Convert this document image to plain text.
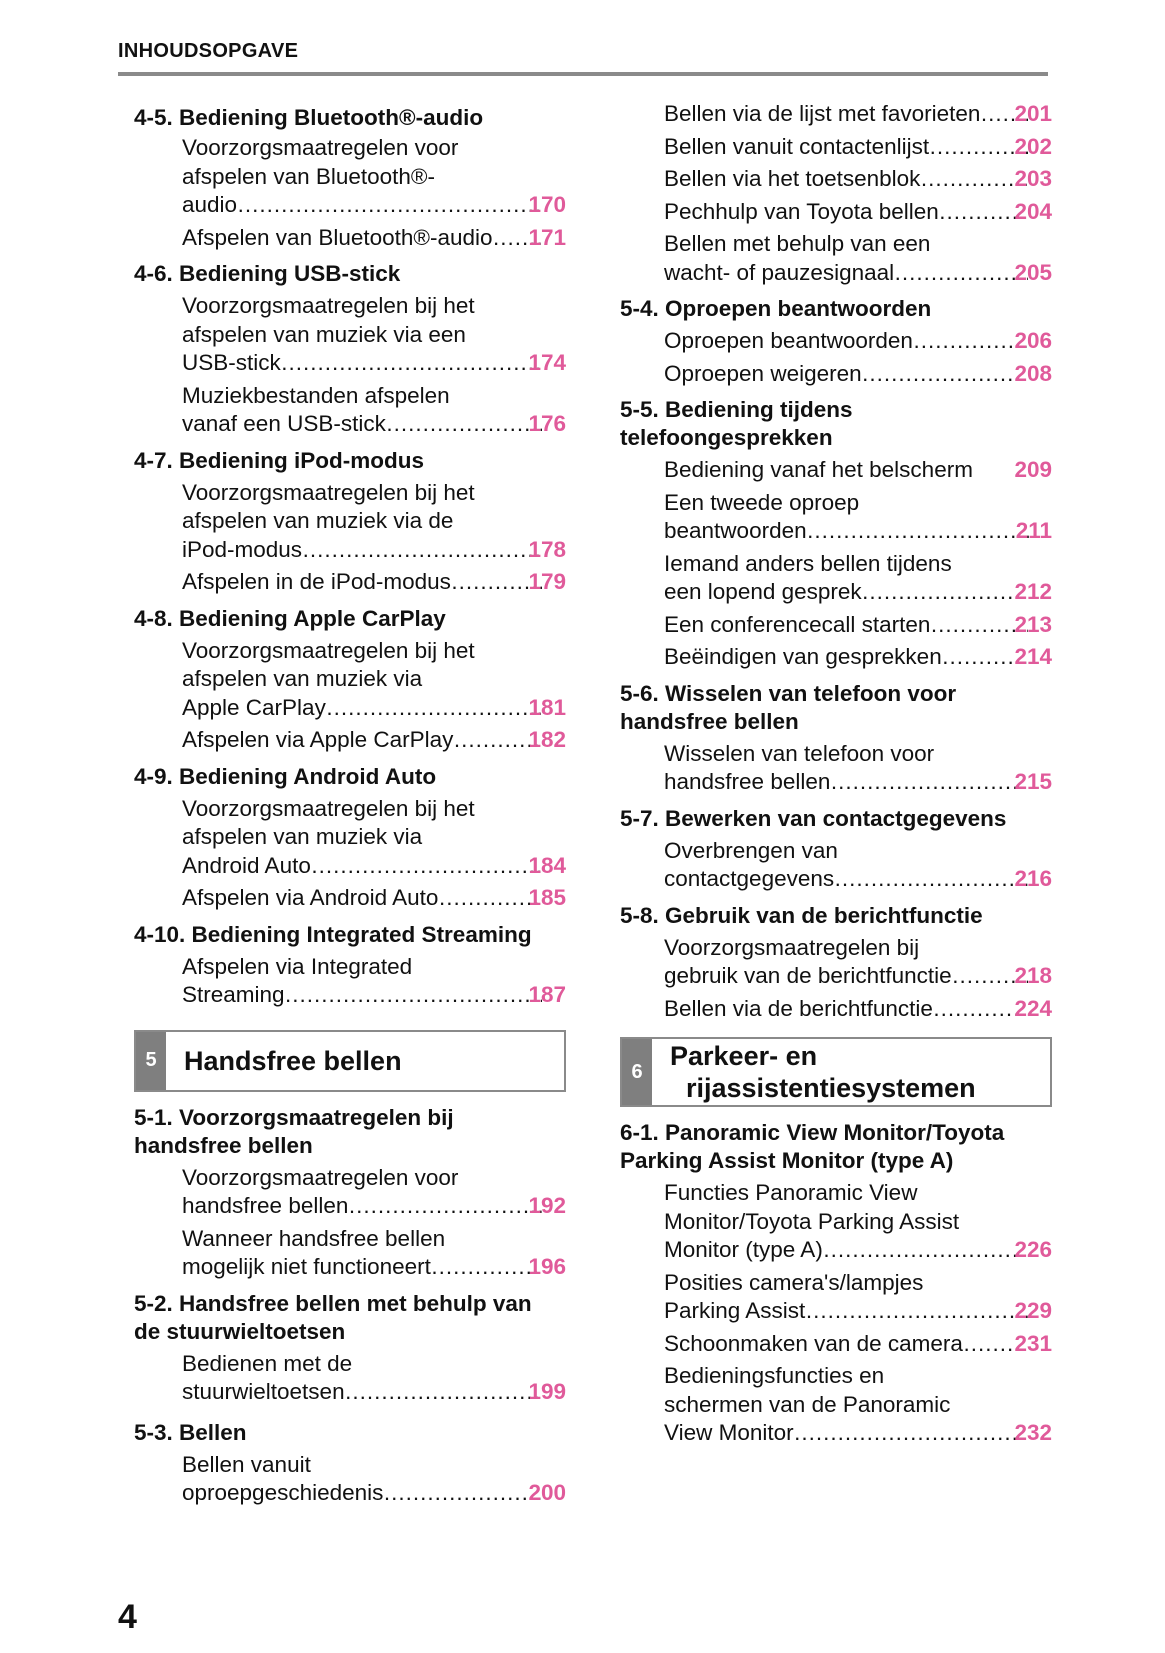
INHOUDSOPGAVE
4-5. Bediening Bluetooth®-audio
Voorzorgsmaatregelen voor
afspelen van Bluetooth®-
audio .....	170
Afspelen van Bluetooth®-audio ..... 171
4-6. Bediening USB-stick
Voorzorgsmaatregelen bij het
afspelen van muziek via een
USB-stick .....	174
Muziekbestanden afspelen
vanaf een USB-stick .....	176
4-7. Bediening iPod-modus
Voorzorgsmaatregelen bij het
afspelen van muziek via de
iPod-modus .....	178
Afspelen in de iPod-modus .....	179
4-8. Bediening Apple CarPlay
Voorzorgsmaatregelen bij het
afspelen van muziek via
Apple CarPlay .....	181
Afspelen via Apple CarPlay .....	182
4-9. Bediening Android Auto
Voorzorgsmaatregelen bij het
afspelen van muziek via
Android Auto .....	184
Afspelen via Android Auto .....	185
4-10. Bediening Integrated Streaming
Afspelen via Integrated
Streaming .....	187
5	Handsfree bellen
5-1. Voorzorgsmaatregelen bij
handsfree bellen
Voorzorgsmaatregelen voor
handsfree bellen .....	192
Wanneer handsfree bellen
mogelijk niet functioneert .....	196
5-2. Handsfree bellen met behulp van
de stuurwieltoetsen
Bedienen met de
stuurwieltoetsen .....	199
5-3. Bellen
Bellen vanuit
oproepgeschiedenis .....	200
Bellen via de lijst met favorieten ..... 201
Bellen vanuit contactenlijst .....	202
Bellen via het toetsenblok .....	203
Pechhulp van Toyota bellen .....	204
Bellen met behulp van een
wacht- of pauzesignaal .....	205
5-4. Oproepen beantwoorden
Oproepen beantwoorden .....	206
Oproepen weigeren .....	208
5-5. Bediening tijdens
telefoongesprekken
Bediening vanaf het belscherm 209
Een tweede oproep
beantwoorden .....	211
Iemand anders bellen tijdens
een lopend gesprek .....	212
Een conferencecall starten .....	213
Beëindigen van gesprekken .....	214
5-6. Wisselen van telefoon voor
handsfree bellen
Wisselen van telefoon voor
handsfree bellen .....	215
5-7. Bewerken van contactgegevens
Overbrengen van
contactgegevens .....	216
5-8. Gebruik van de berichtfunctie
Voorzorgsmaatregelen bij
gebruik van de berichtfunctie .....	218
Bellen via de berichtfunctie .....	224
6
Parkeer- en
rijassistentiesystemen
6-1. Panoramic View Monitor/Toyota
Parking Assist Monitor (type A)
Functies Panoramic View
Monitor/Toyota Parking Assist
Monitor (type A) .....	226
Posities camera's/lampjes
Parking Assist .....	229
Schoonmaken van de camera ..... 231
Bedieningsfuncties en
schermen van de Panoramic
View Monitor .....	232
4
